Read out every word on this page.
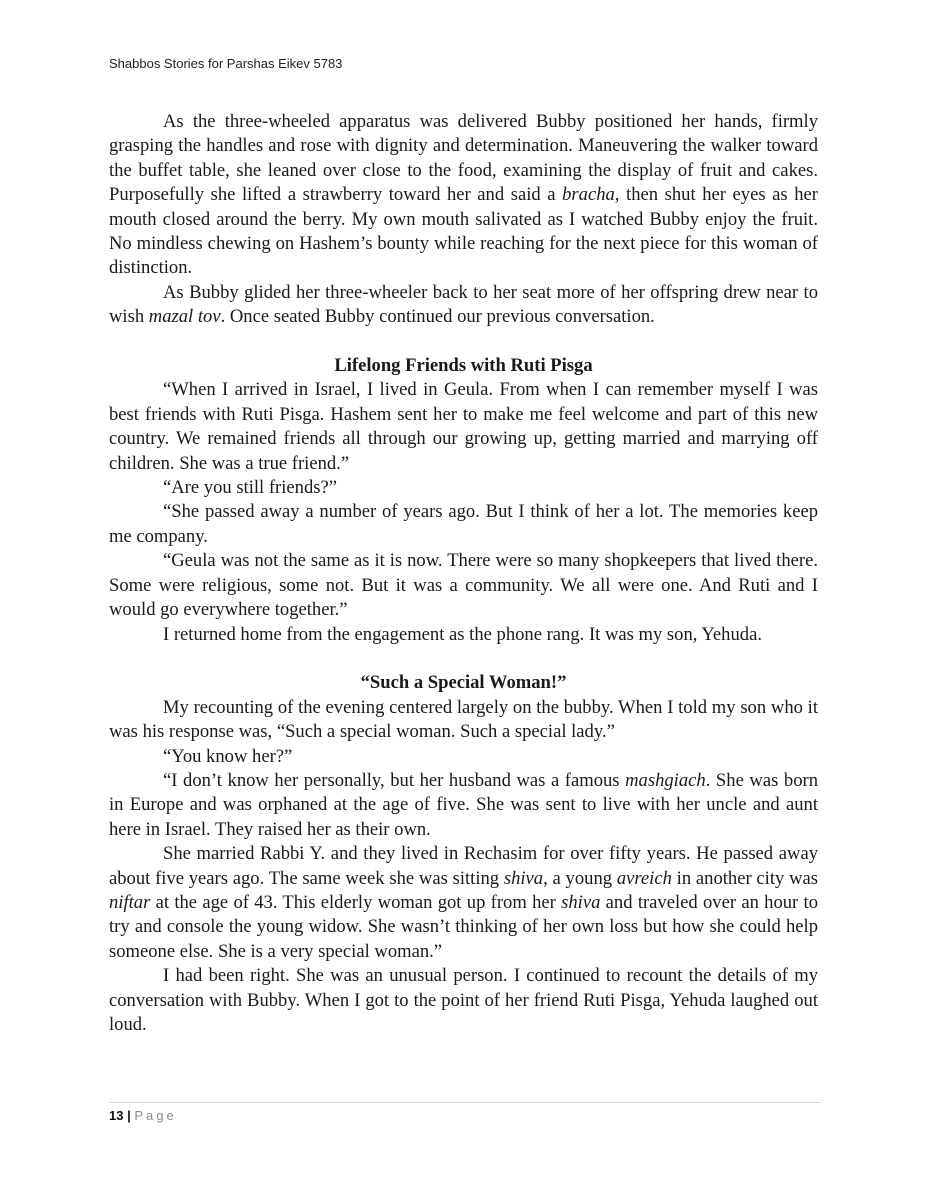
Shabbos Stories for Parshas Eikev 5783

As the three-wheeled apparatus was delivered Bubby positioned her hands, firmly grasping the handles and rose with dignity and determination. Maneuvering the walker toward the buffet table, she leaned over close to the food, examining the display of fruit and cakes. Purposefully she lifted a strawberry toward her and said a bracha, then shut her eyes as her mouth closed around the berry. My own mouth salivated as I watched Bubby enjoy the fruit. No mindless chewing on Hashem’s bounty while reaching for the next piece for this woman of distinction.

As Bubby glided her three-wheeler back to her seat more of her offspring drew near to wish mazal tov. Once seated Bubby continued our previous conversation.

Lifelong Friends with Ruti Pisga

“When I arrived in Israel, I lived in Geula. From when I can remember myself I was best friends with Ruti Pisga. Hashem sent her to make me feel welcome and part of this new country. We remained friends all through our growing up, getting married and marrying off children. She was a true friend.”

“Are you still friends?”

“She passed away a number of years ago. But I think of her a lot. The memories keep me company.

“Geula was not the same as it is now. There were so many shopkeepers that lived there. Some were religious, some not. But it was a community. We all were one. And Ruti and I would go everywhere together.”

I returned home from the engagement as the phone rang. It was my son, Yehuda.

“Such a Special Woman!”

My recounting of the evening centered largely on the bubby. When I told my son who it was his response was, “Such a special woman. Such a special lady.”

“You know her?”

“I don’t know her personally, but her husband was a famous mashgiach. She was born in Europe and was orphaned at the age of five. She was sent to live with her uncle and aunt here in Israel. They raised her as their own.

She married Rabbi Y. and they lived in Rechasim for over fifty years. He passed away about five years ago. The same week she was sitting shiva, a young avreich in another city was niftar at the age of 43. This elderly woman got up from her shiva and traveled over an hour to try and console the young widow. She wasn’t thinking of her own loss but how she could help someone else. She is a very special woman.”

I had been right. She was an unusual person. I continued to recount the details of my conversation with Bubby. When I got to the point of her friend Ruti Pisga, Yehuda laughed out loud.

13 | Page
